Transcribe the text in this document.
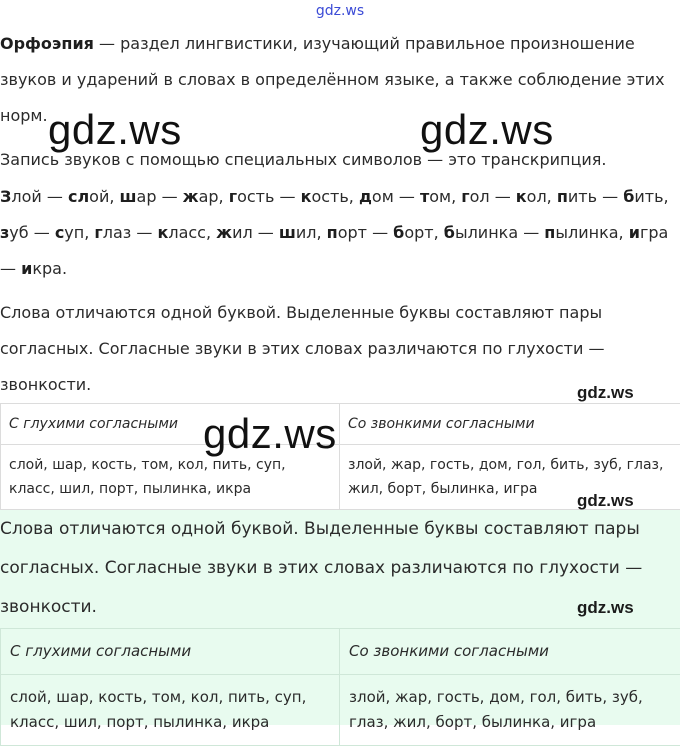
gdz.ws

Орфоэпия — раздел лингвистики, изучающий правильное произношение звуков и ударений в словах в определённом языке, а также соблюдение этих норм.

Запись звуков с помощью специальных символов — это транскрипция.

Злой — слой, шар — жар, гость — кость, дом — том, гол — кол, пить — бить, зуб — суп, глаз — класс, жил — шил, порт — борт, былинка — пылинка, игра — икра.

Слова отличаются одной буквой. Выделенные буквы составляют пары согласных. Согласные звуки в этих словах различаются по глухости — звонкости.

С глухими согласными	Со звонкими согласными
слой, шар, кость, том, кол, пить, суп, класс, шил, порт, пылинка, икра	злой, жар, гость, дом, гол, бить, зуб, глаз, жил, борт, былинка, игра

Слова отличаются одной буквой. Выделенные буквы составляют пары согласных. Согласные звуки в этих словах различаются по глухости — звонкости.

С глухими согласными	Со звонкими согласными
слой, шар, кость, том, кол, пить, суп, класс, шил, порт, пылинка, икра	злой, жар, гость, дом, гол, бить, зуб, глаз, жил, борт, былинка, игра
gdz.ws	gdz.ws
gdz.ws
gdz.ws
gdz.ws
gdz.ws
